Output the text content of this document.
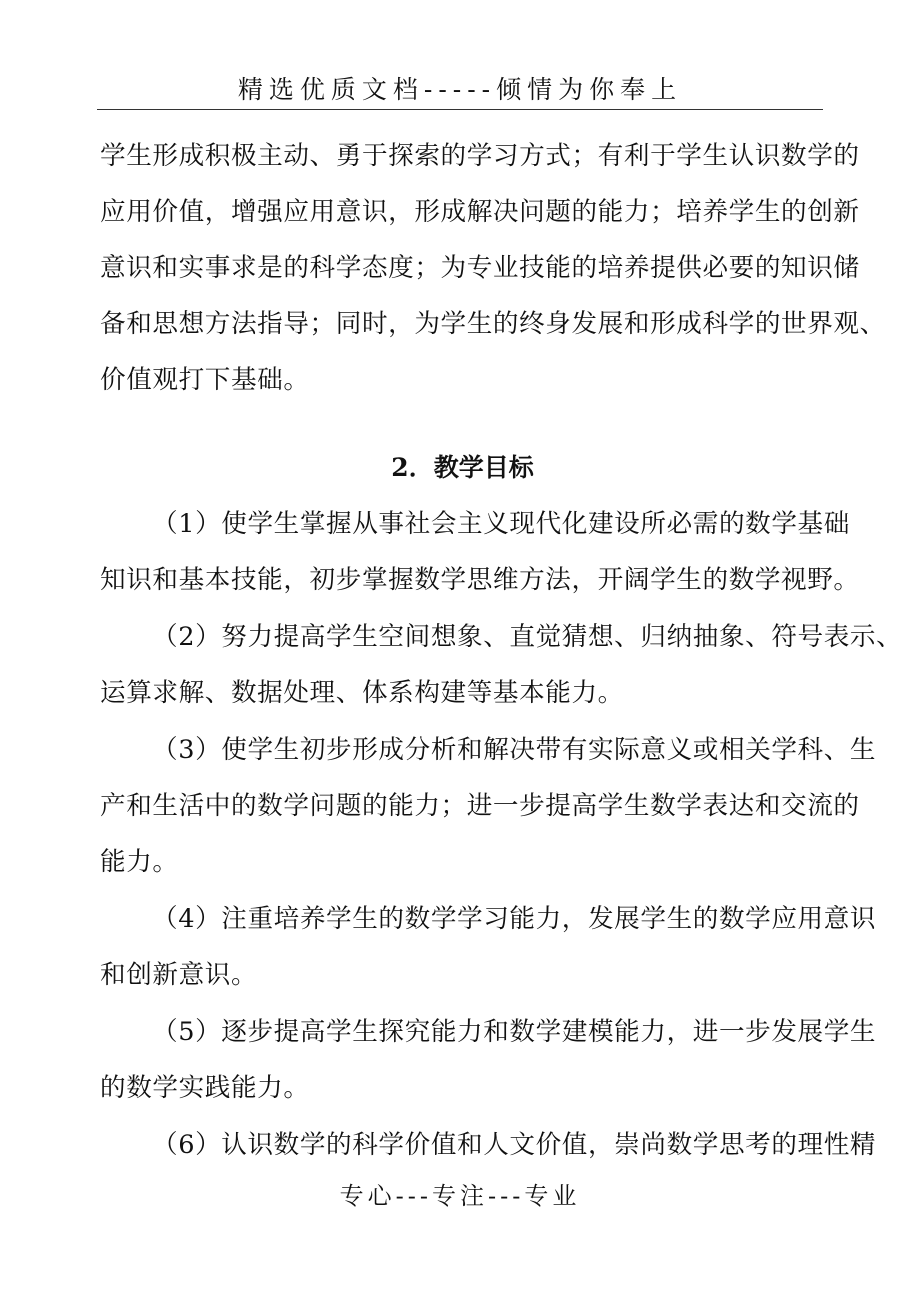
精选优质文档-----倾情为你奉上

学生形成积极主动、勇于探索的学习方式；有利于学生认识数学的

应用价值，增强应用意识，形成解决问题的能力；培养学生的创新

意识和实事求是的科学态度；为专业技能的培养提供必要的知识储

备和思想方法指导；同时，为学生的终身发展和形成科学的世界观、

价值观打下基础。

2．教学目标

（1）使学生掌握从事社会主义现代化建设所必需的数学基础

知识和基本技能，初步掌握数学思维方法，开阔学生的数学视野。

（2）努力提高学生空间想象、直觉猜想、归纳抽象、符号表示、

运算求解、数据处理、体系构建等基本能力。

（3）使学生初步形成分析和解决带有实际意义或相关学科、生

产和生活中的数学问题的能力；进一步提高学生数学表达和交流的

能力。

（4）注重培养学生的数学学习能力，发展学生的数学应用意识

和创新意识。

（5）逐步提高学生探究能力和数学建模能力，进一步发展学生

的数学实践能力。

（6）认识数学的科学价值和人文价值，崇尚数学思考的理性精

专心---专注---专业
